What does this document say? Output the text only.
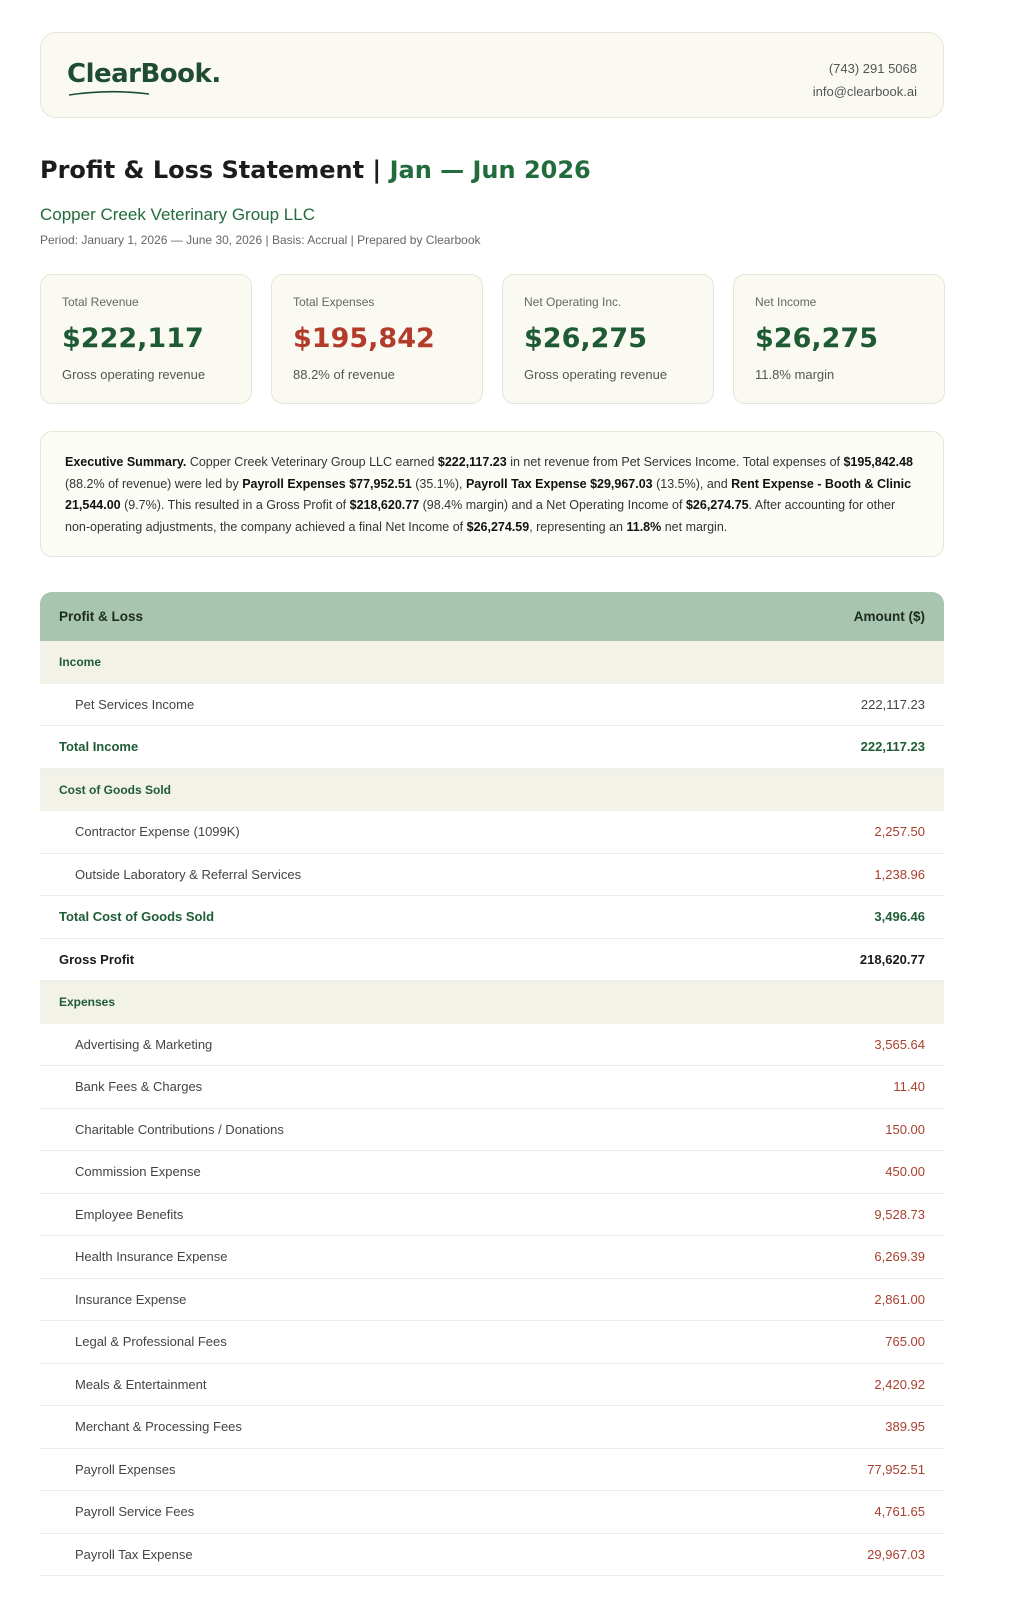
ClearBook.	(743) 291 5068
info@clearbook.ai
Profit & Loss Statement | Jan — Jun 2026
Copper Creek Veterinary Group LLC
Period: January 1, 2026 — June 30, 2026 | Basis: Accrual | Prepared by Clearbook
Total Revenue
$222,117
Gross operating revenue
Total Expenses
$195,842
88.2% of revenue
Net Operating Inc.
$26,275
Gross operating revenue
Net Income
$26,275
11.8% margin
Executive Summary. Copper Creek Veterinary Group LLC earned $222,117.23 in net revenue from Pet Services Income. Total expenses of $195,842.48 (88.2% of revenue) were led by Payroll Expenses $77,952.51 (35.1%), Payroll Tax Expense $29,967.03 (13.5%), and Rent Expense - Booth & Clinic 21,544.00 (9.7%). This resulted in a Gross Profit of $218,620.77 (98.4% margin) and a Net Operating Income of $26,274.75. After accounting for other non-operating adjustments, the company achieved a final Net Income of $26,274.59, representing an 11.8% net margin.
Profit & Loss	Amount ($)
Income
Pet Services Income	222,117.23
Total Income	222,117.23
Cost of Goods Sold
Contractor Expense (1099K)	2,257.50
Outside Laboratory & Referral Services	1,238.96
Total Cost of Goods Sold	3,496.46
Gross Profit	218,620.77
Expenses
Advertising & Marketing	3,565.64
Bank Fees & Charges	11.40
Charitable Contributions / Donations	150.00
Commission Expense	450.00
Employee Benefits	9,528.73
Health Insurance Expense	6,269.39
Insurance Expense	2,861.00
Legal & Professional Fees	765.00
Meals & Entertainment	2,420.92
Merchant & Processing Fees	389.95
Payroll Expenses	77,952.51
Payroll Service Fees	4,761.65
Payroll Tax Expense	29,967.03
